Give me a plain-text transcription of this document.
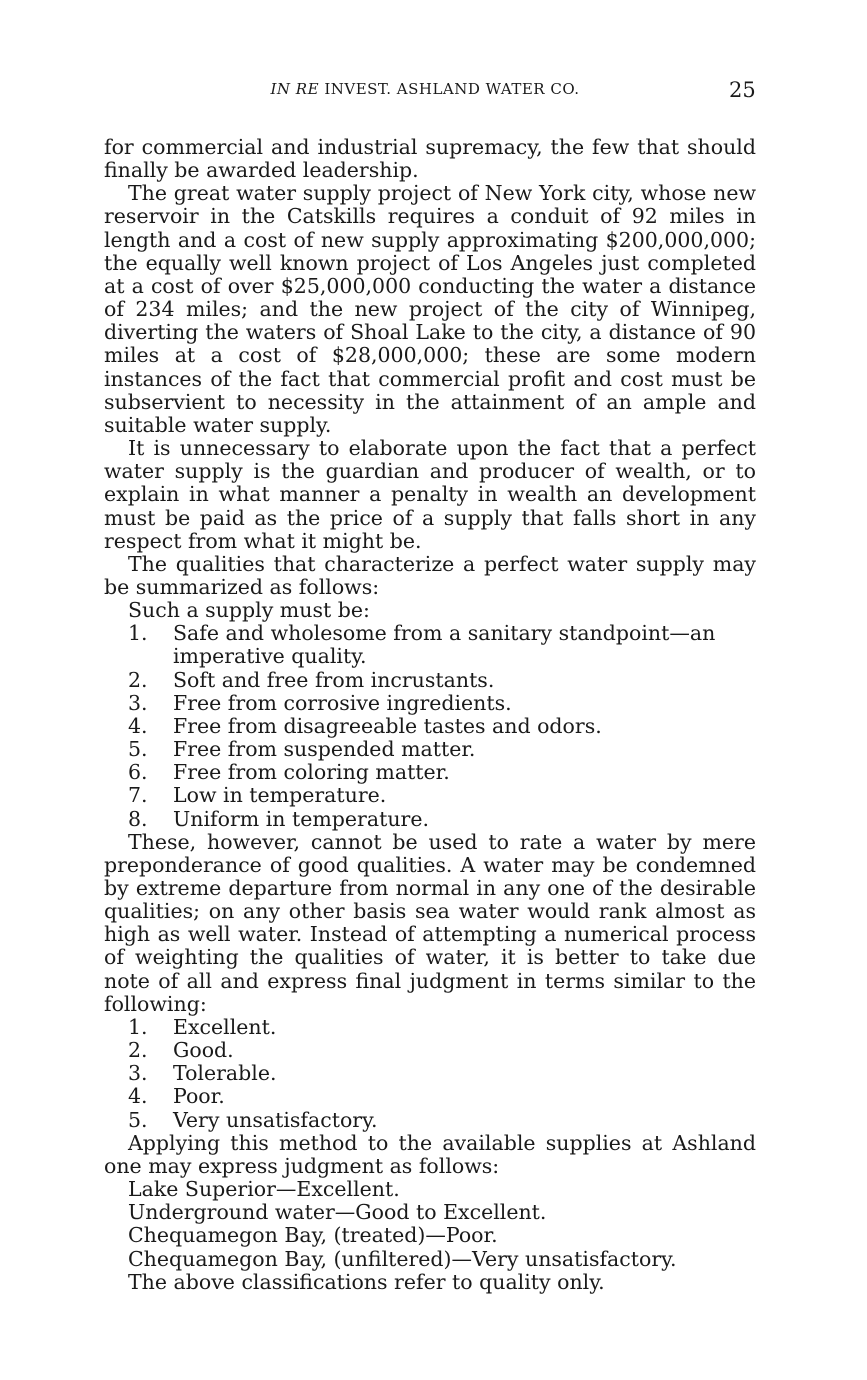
IN RE INVEST. ASHLAND WATER CO.	25
for commercial and industrial supremacy, the few that should finally be awarded leadership.
The great water supply project of New York city, whose new reservoir in the Catskills requires a conduit of 92 miles in length and a cost of new supply approximating $200,000,000; the equally well known project of Los Angeles just completed at a cost of over $25,000,000 conducting the water a distance of 234 miles; and the new project of the city of Winnipeg, diverting the waters of Shoal Lake to the city, a distance of 90 miles at a cost of $28,000,000; these are some modern instances of the fact that commercial profit and cost must be subservient to necessity in the attainment of an ample and suitable water supply.
It is unnecessary to elaborate upon the fact that a perfect water supply is the guardian and producer of wealth, or to explain in what manner a penalty in wealth an development must be paid as the price of a supply that falls short in any respect from what it might be.
The qualities that characterize a perfect water supply may be summarized as follows:
Such a supply must be:
1. Safe and wholesome from a sanitary standpoint—an imperative quality.
2. Soft and free from incrustants.
3. Free from corrosive ingredients.
4. Free from disagreeable tastes and odors.
5. Free from suspended matter.
6. Free from coloring matter.
7. Low in temperature.
8. Uniform in temperature.
These, however, cannot be used to rate a water by mere preponderance of good qualities. A water may be condemned by extreme departure from normal in any one of the desirable qualities; on any other basis sea water would rank almost as high as well water. Instead of attempting a numerical process of weighting the qualities of water, it is better to take due note of all and express final judgment in terms similar to the following:
1. Excellent.
2. Good.
3. Tolerable.
4. Poor.
5. Very unsatisfactory.
Applying this method to the available supplies at Ashland one may express judgment as follows:
Lake Superior—Excellent.
Underground water—Good to Excellent.
Chequamegon Bay, (treated)—Poor.
Chequamegon Bay, (unfiltered)—Very unsatisfactory.
The above classifications refer to quality only.
